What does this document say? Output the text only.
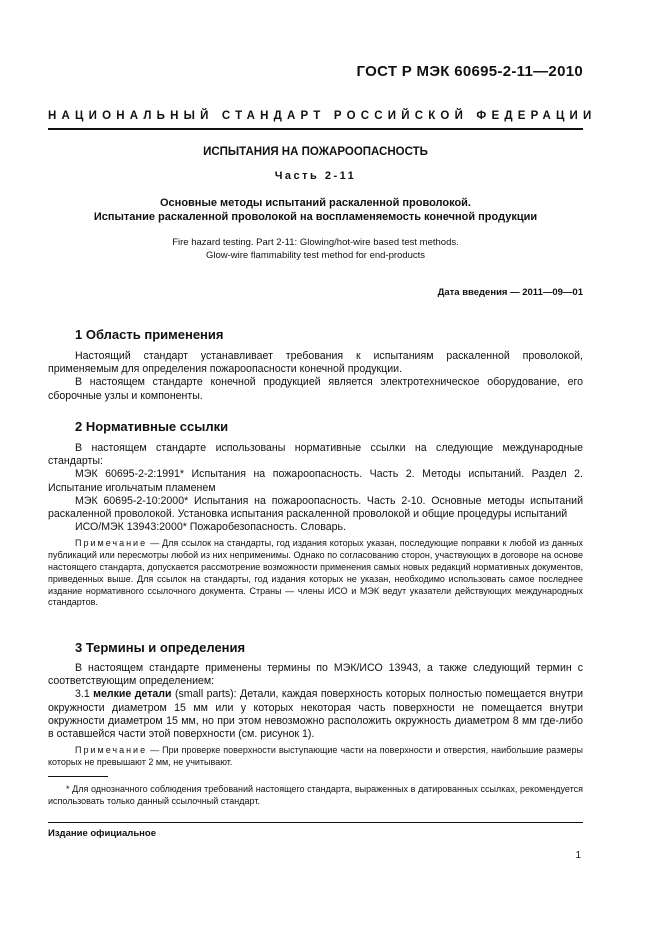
ГОСТ Р МЭК 60695-2-11—2010
НАЦИОНАЛЬНЫЙ СТАНДАРТ РОССИЙСКОЙ ФЕДЕРАЦИИ
ИСПЫТАНИЯ НА ПОЖАРООПАСНОСТЬ
Часть 2-11
Основные методы испытаний раскаленной проволокой.
Испытание раскаленной проволокой на воспламеняемость конечной продукции
Fire hazard testing. Part 2-11: Glowing/hot-wire based test methods.
Glow-wire flammability test method for end-products
Дата введения — 2011—09—01
1 Область применения

Настоящий стандарт устанавливает требования к испытаниям раскаленной проволокой, применяемым для определения пожароопасности конечной продукции.

В настоящем стандарте конечной продукцией является электротехническое оборудование, его сборочные узлы и компоненты.

2 Нормативные ссылки

В настоящем стандарте использованы нормативные ссылки на следующие международные стандарты:

МЭК 60695-2-2:1991* Испытания на пожароопасность. Часть 2. Методы испытаний. Раздел 2. Испытание игольчатым пламенем

МЭК 60695-2-10:2000* Испытания на пожароопасность. Часть 2-10. Основные методы испытаний раскаленной проволокой. Установка испытания раскаленной проволокой и общие процедуры испытаний

ИСО/МЭК 13943:2000* Пожаробезопасность. Словарь.

Примечание — Для ссылок на стандарты, год издания которых указан, последующие поправки к любой из данных публикаций или пересмотры любой из них неприменимы. Однако по согласованию сторон, участвующих в договоре на основе настоящего стандарта, допускается рассмотрение возможности применения самых новых редакций нормативных документов, приведенных выше. Для ссылок на стандарты, год издания которых не указан, необходимо использовать самое последнее издание нормативного ссылочного документа. Страны — члены ИСО и МЭК ведут указатели действующих международных стандартов.

3 Термины и определения

В настоящем стандарте применены термины по МЭК/ИСО 13943, а также следующий термин с соответствующим определением:

3.1 мелкие детали (small parts): Детали, каждая поверхность которых полностью помещается внутри окружности диаметром 15 мм или у которых некоторая часть поверхности не помещается внутри окружности диаметром 15 мм, но при этом невозможно расположить окружность диаметром 8 мм где-либо в оставшейся части этой поверхности (см. рисунок 1).

Примечание — При проверке поверхности выступающие части на поверхности и отверстия, наибольшие размеры которых не превышают 2 мм, не учитывают.

* Для однозначного соблюдения требований настоящего стандарта, выраженных в датированных ссылках, рекомендуется использовать только данный ссылочный стандарт.

Издание официальное
1
